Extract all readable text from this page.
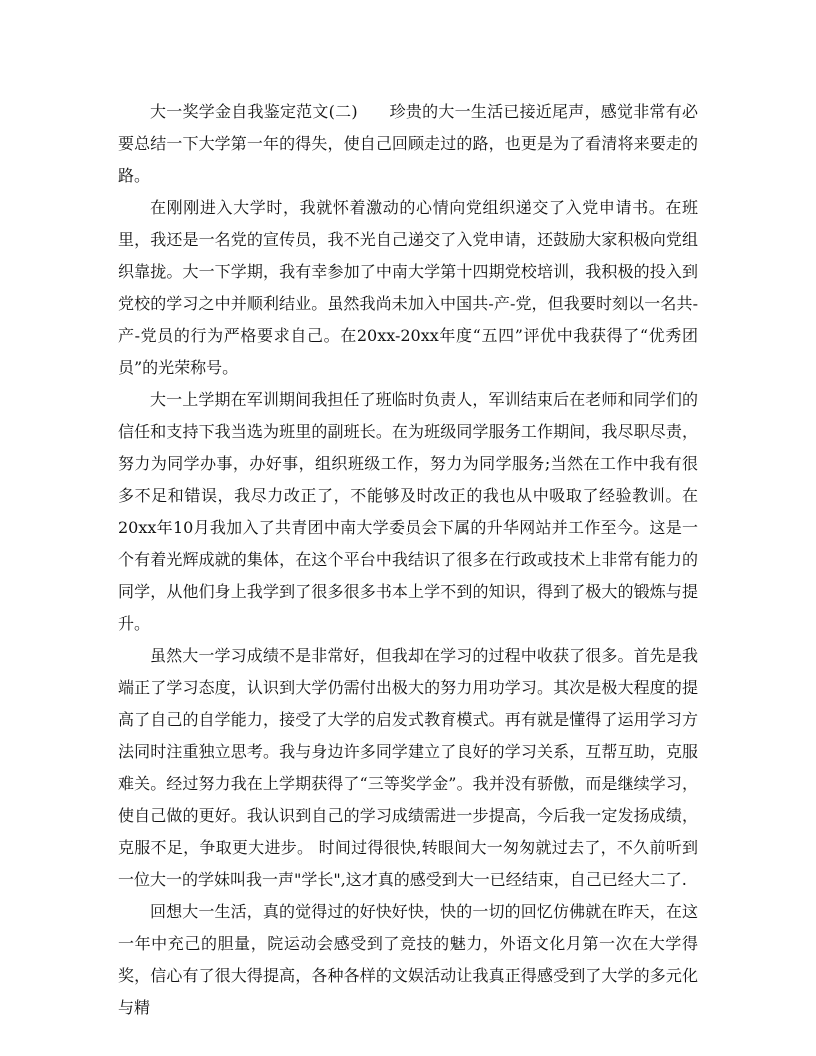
大一奖学金自我鉴定范文(二) 珍贵的大一生活已接近尾声，感觉非常有必要总结一下大学第一年的得失，使自己回顾走过的路，也更是为了看清将来要走的路。

在刚刚进入大学时，我就怀着激动的心情向党组织递交了入党申请书。在班里，我还是一名党的宣传员，我不光自己递交了入党申请，还鼓励大家积极向党组织靠拢。大一下学期，我有幸参加了中南大学第十四期党校培训，我积极的投入到党校的学习之中并顺利结业。虽然我尚未加入中国共-产-党，但我要时刻以一名共-产-党员的行为严格要求自己。在20xx-20xx年度“五四”评优中我获得了“优秀团员”的光荣称号。

大一上学期在军训期间我担任了班临时负责人，军训结束后在老师和同学们的信任和支持下我当选为班里的副班长。在为班级同学服务工作期间，我尽职尽责，努力为同学办事，办好事，组织班级工作，努力为同学服务;当然在工作中我有很多不足和错误，我尽力改正了，不能够及时改正的我也从中吸取了经验教训。在20xx年10月我加入了共青团中南大学委员会下属的升华网站并工作至今。这是一个有着光辉成就的集体，在这个平台中我结识了很多在行政或技术上非常有能力的同学，从他们身上我学到了很多很多书本上学不到的知识，得到了极大的锻炼与提升。

虽然大一学习成绩不是非常好，但我却在学习的过程中收获了很多。首先是我端正了学习态度，认识到大学仍需付出极大的努力用功学习。其次是极大程度的提高了自己的自学能力，接受了大学的启发式教育模式。再有就是懂得了运用学习方法同时注重独立思考。我与身边许多同学建立了良好的学习关系，互帮互助，克服难关。经过努力我在上学期获得了“三等奖学金”。我并没有骄傲，而是继续学习，使自己做的更好。我认识到自己的学习成绩需进一步提高，今后我一定发扬成绩，克服不足，争取更大进步。 时间过得很快,转眼间大一匆匆就过去了，不久前听到一位大一的学妹叫我一声"学长",这才真的感受到大一已经结束，自己已经大二了.

回想大一生活，真的觉得过的好快好快，快的一切的回忆仿佛就在昨天，在这一年中充己的胆量，院运动会感受到了竞技的魅力，外语文化月第一次在大学得奖，信心有了很大得提高，各种各样的文娱活动让我真正得感受到了大学的多元化与精
